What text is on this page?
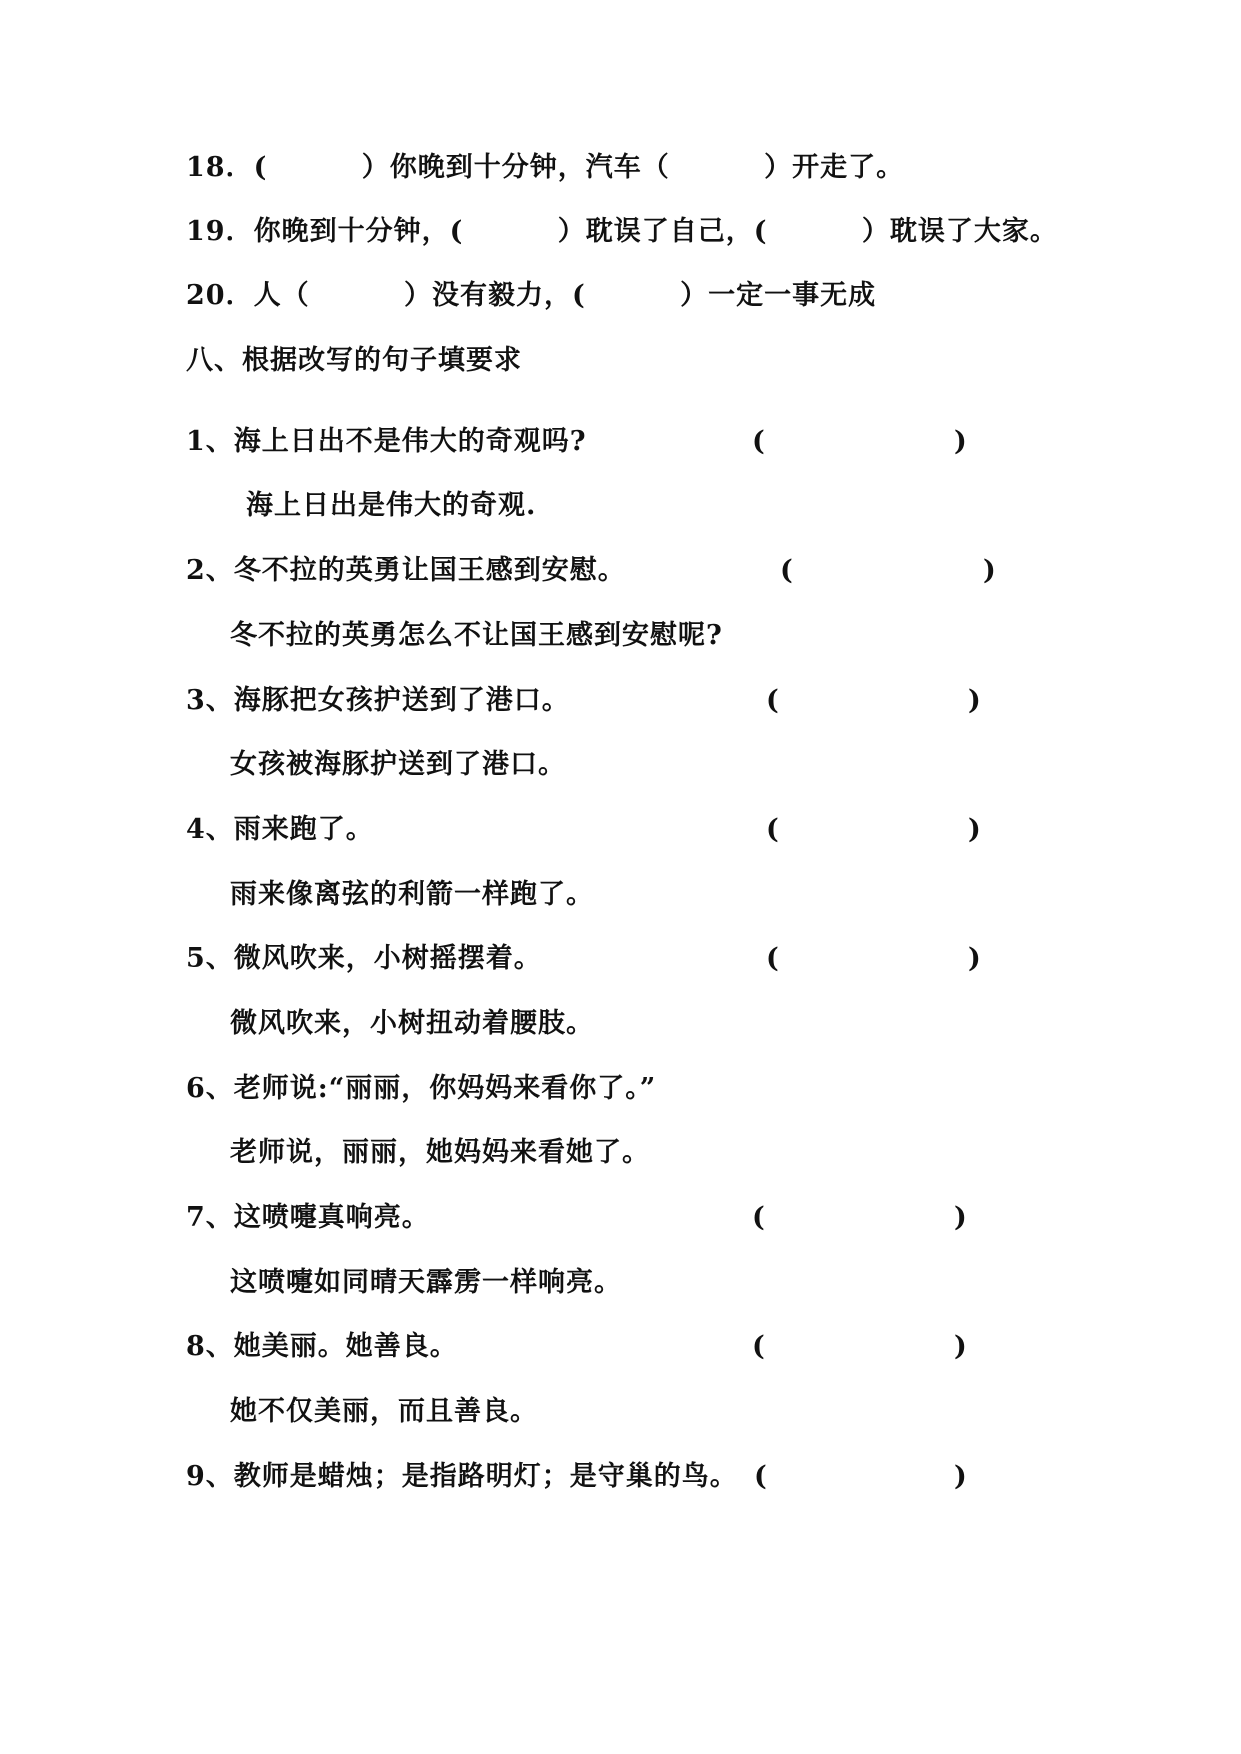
18．(　　　 ）你晚到十分钟，汽车（　　　 ）开走了。
19．你晚到十分钟，(　　　 ）耽误了自己，(　　　 ）耽误了大家。
20．人（　　　 ）没有毅力，(　　　 ）一定一事无成
八、根据改写的句子填要求
1、海上日出不是伟大的奇观吗?	(	)
海上日出是伟大的奇观.
2、冬不拉的英勇让国王感到安慰。	(	)
冬不拉的英勇怎么不让国王感到安慰呢?
3、海豚把女孩护送到了港口。	(	)
女孩被海豚护送到了港口。
4、雨来跑了。	(	)
雨来像离弦的利箭一样跑了。
5、微风吹来，小树摇摆着。	(	)
微风吹来，小树扭动着腰肢。
6、老师说:“丽丽，你妈妈来看你了。”
老师说，丽丽，她妈妈来看她了。
7、这喷嚏真响亮。	(	)
这喷嚏如同晴天霹雳一样响亮。
8、她美丽。她善良。	(	)
她不仅美丽，而且善良。
9、教师是蜡烛；是指路明灯；是守巢的鸟。 (	)
